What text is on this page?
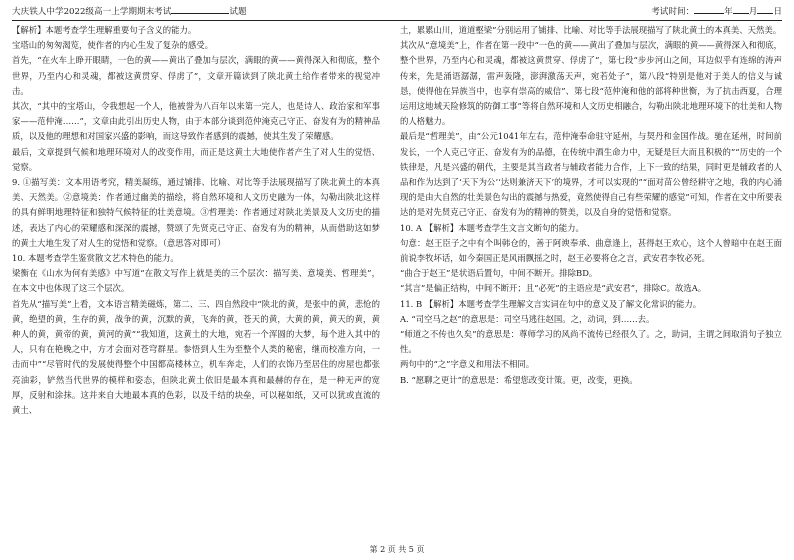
大庆铁人中学2022级高一上学期期末考试	试题	考试时间：	年 月 日

【解析】本题考查学生理解重要句子含义的能力。

宝塔山的匆匆渴览，使作者的内心生发了复杂的感受。

首先，“在火车上睁开眼睛，一色的黄——黄出了叠加与层次，满眼的黄——黄得深入和彻底，整个世界，乃至内心和灵魂，都被这黄贯穿、俘虏了”，文章开篇读到了陕北黄土给作者带来的视觉冲击。

其次，“其中的宝塔山，令我想起一个人，他被誉为八百年以来第一完人，也是诗人、政治家和军事家——范仲淹……”，文章由此引出历史人物，由于本部分谈到范仲淹克己守正、奋发有为的精神品质，以及他的理想和对国家兴盛的影响，而这导致作者感到的震撼，使其生发了荣耀感。

最后，文章提到气候和地理环境对人的改变作用，而正是这黄土大地使作者产生了对人生的觉悟、觉察。

9. ①描写美：文本用语考究，精美凝练，通过铺排、比喻、对比等手法展现描写了陕北黄土的本真美、天然美。②意境美：作者通过幽美的描绘，将自然环境和人文历史融为一体，勾勒出陕北这样的具有鲜明地理特征和独特气候特征的壮美意境。③哲理美：作者通过对陕北美景及人文历史的描述，表达了内心的荣耀感和深深的震撼，赞颂了先贤克己守正、奋发有为的精神，从而借助这如梦的黄土大地生发了对人生的觉悟和觉察。（意思答对即可）

10. 本题考查学生鉴赏散文艺术特色的能力。

梁衡在《山水为何有美感》中写道“在散文写作上就是美的三个层次：描写美、意境美、哲理美”，在本文中也体现了这三个层次。

首先从“描写美”上看，文本语言精美磁炼，第二、三、四自然段中“陕北的黄，是张中的黄，悲怆的黄，绝望的黄，生存的黄，战争的黄，沉默的黄，飞奔的黄，苍天的黄，大黄的黄，黄天的黄，黄种人的黄，黄帝的黄，黄河的黄”“我知道，这黄土的大地，宛若一个浑圆的大梦，每个进入其中的人，只有在艳晚之中，方才会面对苍穹群星。参悟到人生为至整个人类的秘密，继而校准方向，一击而中”“尽管时代的发展使得整个中国都高楼林立，机车奔走，人们的衣饰乃至居住的房屋也都张亮油彩，铲然当代世界的模样和姿态，但陕北黄土依旧是最本真和最赫的存在，是一种无声的宽厚，反射和涂抹。这并来自大地最本真的色彩，以及千结的块垒，可以秘如纸，又可以犹或直流的黄土、

土，累累山川，道道壑梁”分别运用了铺排、比喻、对比等手法展现描写了陕北黄土的本真美、天然美。

其次从“意境美”上，作者在第一段中“一色的黄——黄出了叠加与层次，满眼的黄——黄得深入和彻底，整个世界，乃至内心和灵魂，都被这黄贯穿、俘虏了”，第七段“步步河山之间，耳边似乎有连绵的涛声传来，先是涌语潺潺，雷声轰隆，澎湃激荡天声，宛若处子”，第八段“特别是他对于美人的信义与诚恳，使得他在异族当中，也享有崇高的威信”、第七段“范仲淹和他的部将种世衡，为了抗击西夏，合理运用这地域天险修筑的防御工事”等将自然环境和人文历史相融合，勾勒出陕北地理环境下的壮美和人物的人格魅力。

最后是“哲理美”，由“公元1041年左右，范仲淹奉命驻守延州，与契丹和金国作战。驰在延州，时间前发长，一个人克己守正、奋发有为的品德，在传统中酒生命力中，无疑是巨大而且积极的”“历史的一个铁律是，凡是兴盛的朝代，主要是其当政者与辅政者能力合作，上下一致的结果，同时更是辅政者的人品和作为达到了‘天下为公’‘达则兼济天下’的境界，才可以实现的”“面对苗公曾经耕守之地，我的内心涌现的是由大自然的壮美景色勾出的震撼与热爱，竟然使得自己有些荣耀的感觉”可知，作者在文中所要表达的是对先贤克己守正、奋发有为的精神的赞美，以及自身的觉悟和觉察。

10. A 【解析】本题考查学生文言文断句的能力。

句意：赵王臣子之中有个叫韩仓的，善于阿谀奉承、曲意逢上，甚得赵王欢心，这个人曾暗中在赵王面前说李牧坏话，如今秦国正是风雨飘摇之时，赵王必要将仓之言，武安君李牧必死。

“曲合于赵王”是状语后置句，中间不断开。排除BD。

“其言”是偏正结构，中间不断开；且“必死”的主语应是“武安君”，排除C。故选A。

11. B 【解析】本题考查学生理解文言实词在句中的意义及了解文化常识的能力。

A. “司空马之赵”的意思是：司空马逃往赵国。之，动词，到……去。

“师道之不传也久矣”的意思是：尊师学习的风尚不流传已经很久了。之，助词，主谓之间取消句子独立性。

两句中的“之”字意义和用法不相同。

B. “愿聊之更计”的意思是：希望您改变计策。更，改变，更换。

第 2 页 共 5 页
